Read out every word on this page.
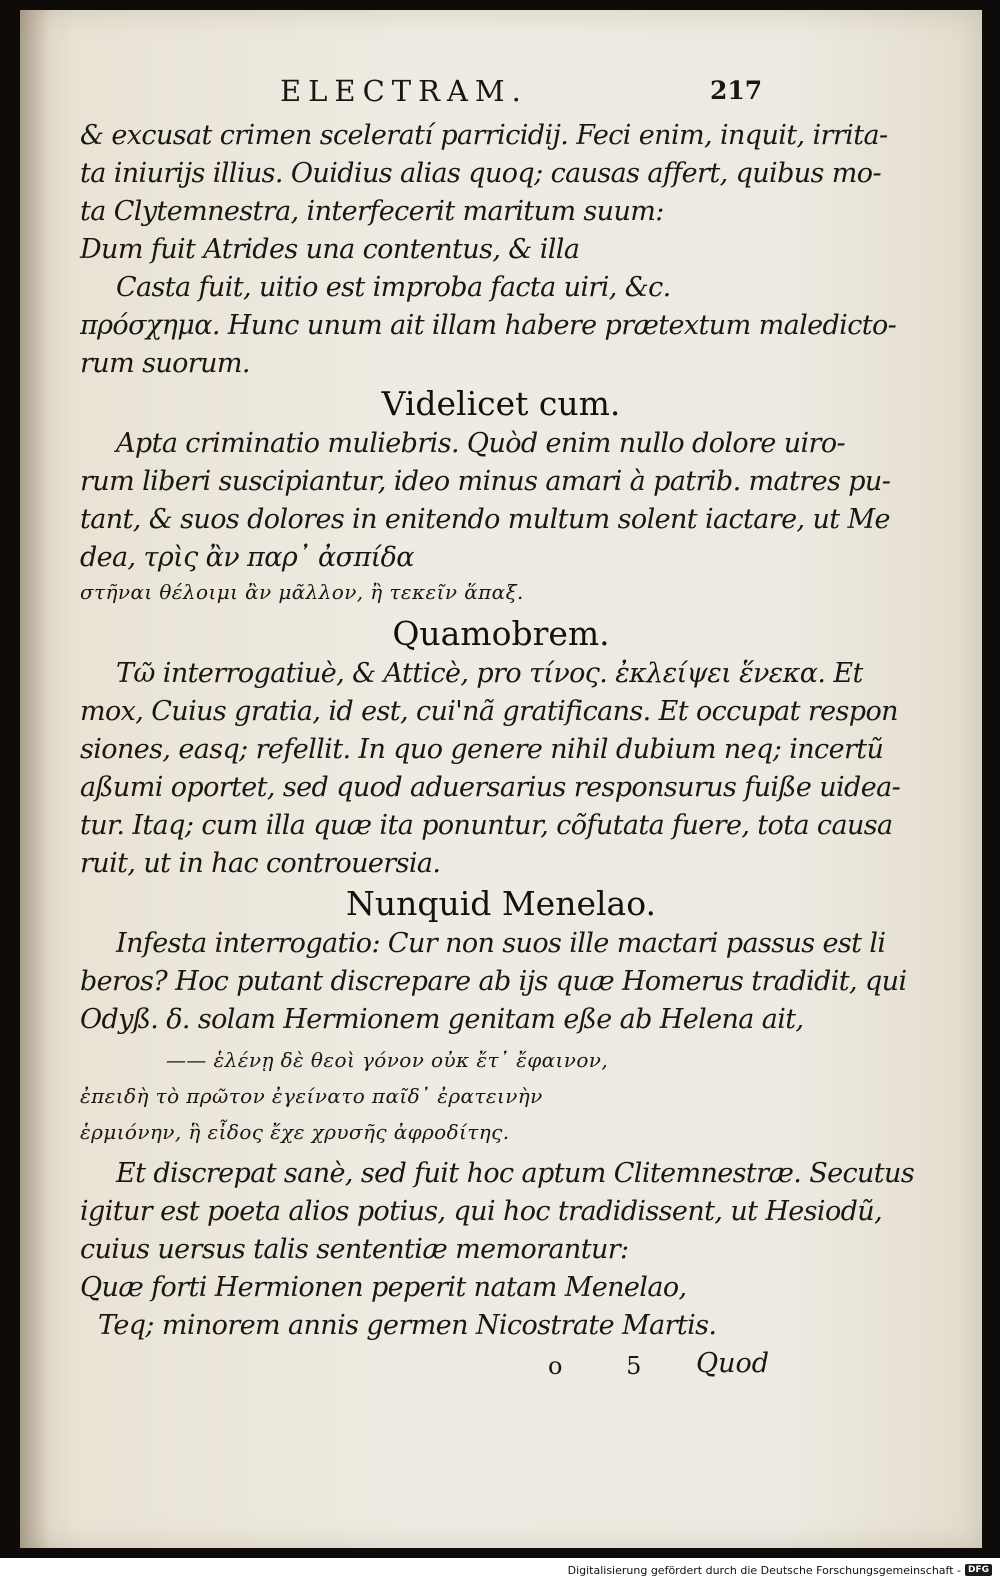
ELECTRAM.	217
& excusat crimen sceleratí parricidij. Feci enim, inquit, irrita-
ta iniurijs illius. Ouidius alias quoq; causas affert, quibus mo-
ta Clytemnestra, interfecerit maritum suum:
Dum fuit Atrides una contentus, & illa
Casta fuit, uitio est improba facta uiri, &c.
πρόσχημα. Hunc unum ait illam habere prætextum maledicto-
rum suorum.
Videlicet cum.
Apta criminatio muliebris. Quòd enim nullo dolore uiro-
rum liberi suscipiantur, ideo minus amari à patrib. matres pu-
tant, & suos dolores in enitendo multum solent iactare, ut Me
dea, τρὶς ἂν παρ᾽ ἀσπίδα
στῆναι θέλοιμι ἂν μᾶλλον, ἢ τεκεῖν ἅπαξ.
Quamobrem.
Τῶ interrogatiuè, & Atticè, pro τίνος. ἐκλείψει ἕνεκα. Et
mox, Cuius gratia, id est, cui'nã gratificans. Et occupat respon
siones, easq; refellit. In quo genere nihil dubium neq; incertũ
aßumi oportet, sed quod aduersarius responsurus fuiße uidea-
tur. Itaq; cum illa quæ ita ponuntur, cõfutata fuere, tota causa
ruit, ut in hac controuersia.
Nunquid Menelao.
Infesta interrogatio: Cur non suos ille mactari passus est li
beros? Hoc putant discrepare ab ijs quæ Homerus tradidit, qui
Odyß. δ. solam Hermionem genitam eße ab Helena ait,
—— ἑλένῃ δὲ θεοὶ γόνον οὐκ ἔτ᾽ ἔφαινον,
ἐπειδὴ τὸ πρῶτον ἐγείνατο παῖδ᾽ ἐρατεινὴν
ἑρμιόνην, ἣ εἶδος ἔχε χρυσῆς ἀφροδίτης.
Et discrepat sanè, sed fuit hoc aptum Clitemnestræ. Secutus
igitur est poeta alios potius, qui hoc tradidissent, ut Hesiodũ,
cuius uersus talis sententiæ memorantur:
Quæ forti Hermionen peperit natam Menelao,
Teq; minorem annis germen Nicostrate Martis.
o 5 Quod
Digitalisierung gefördert durch die Deutsche Forschungsgemeinschaft - DFG
